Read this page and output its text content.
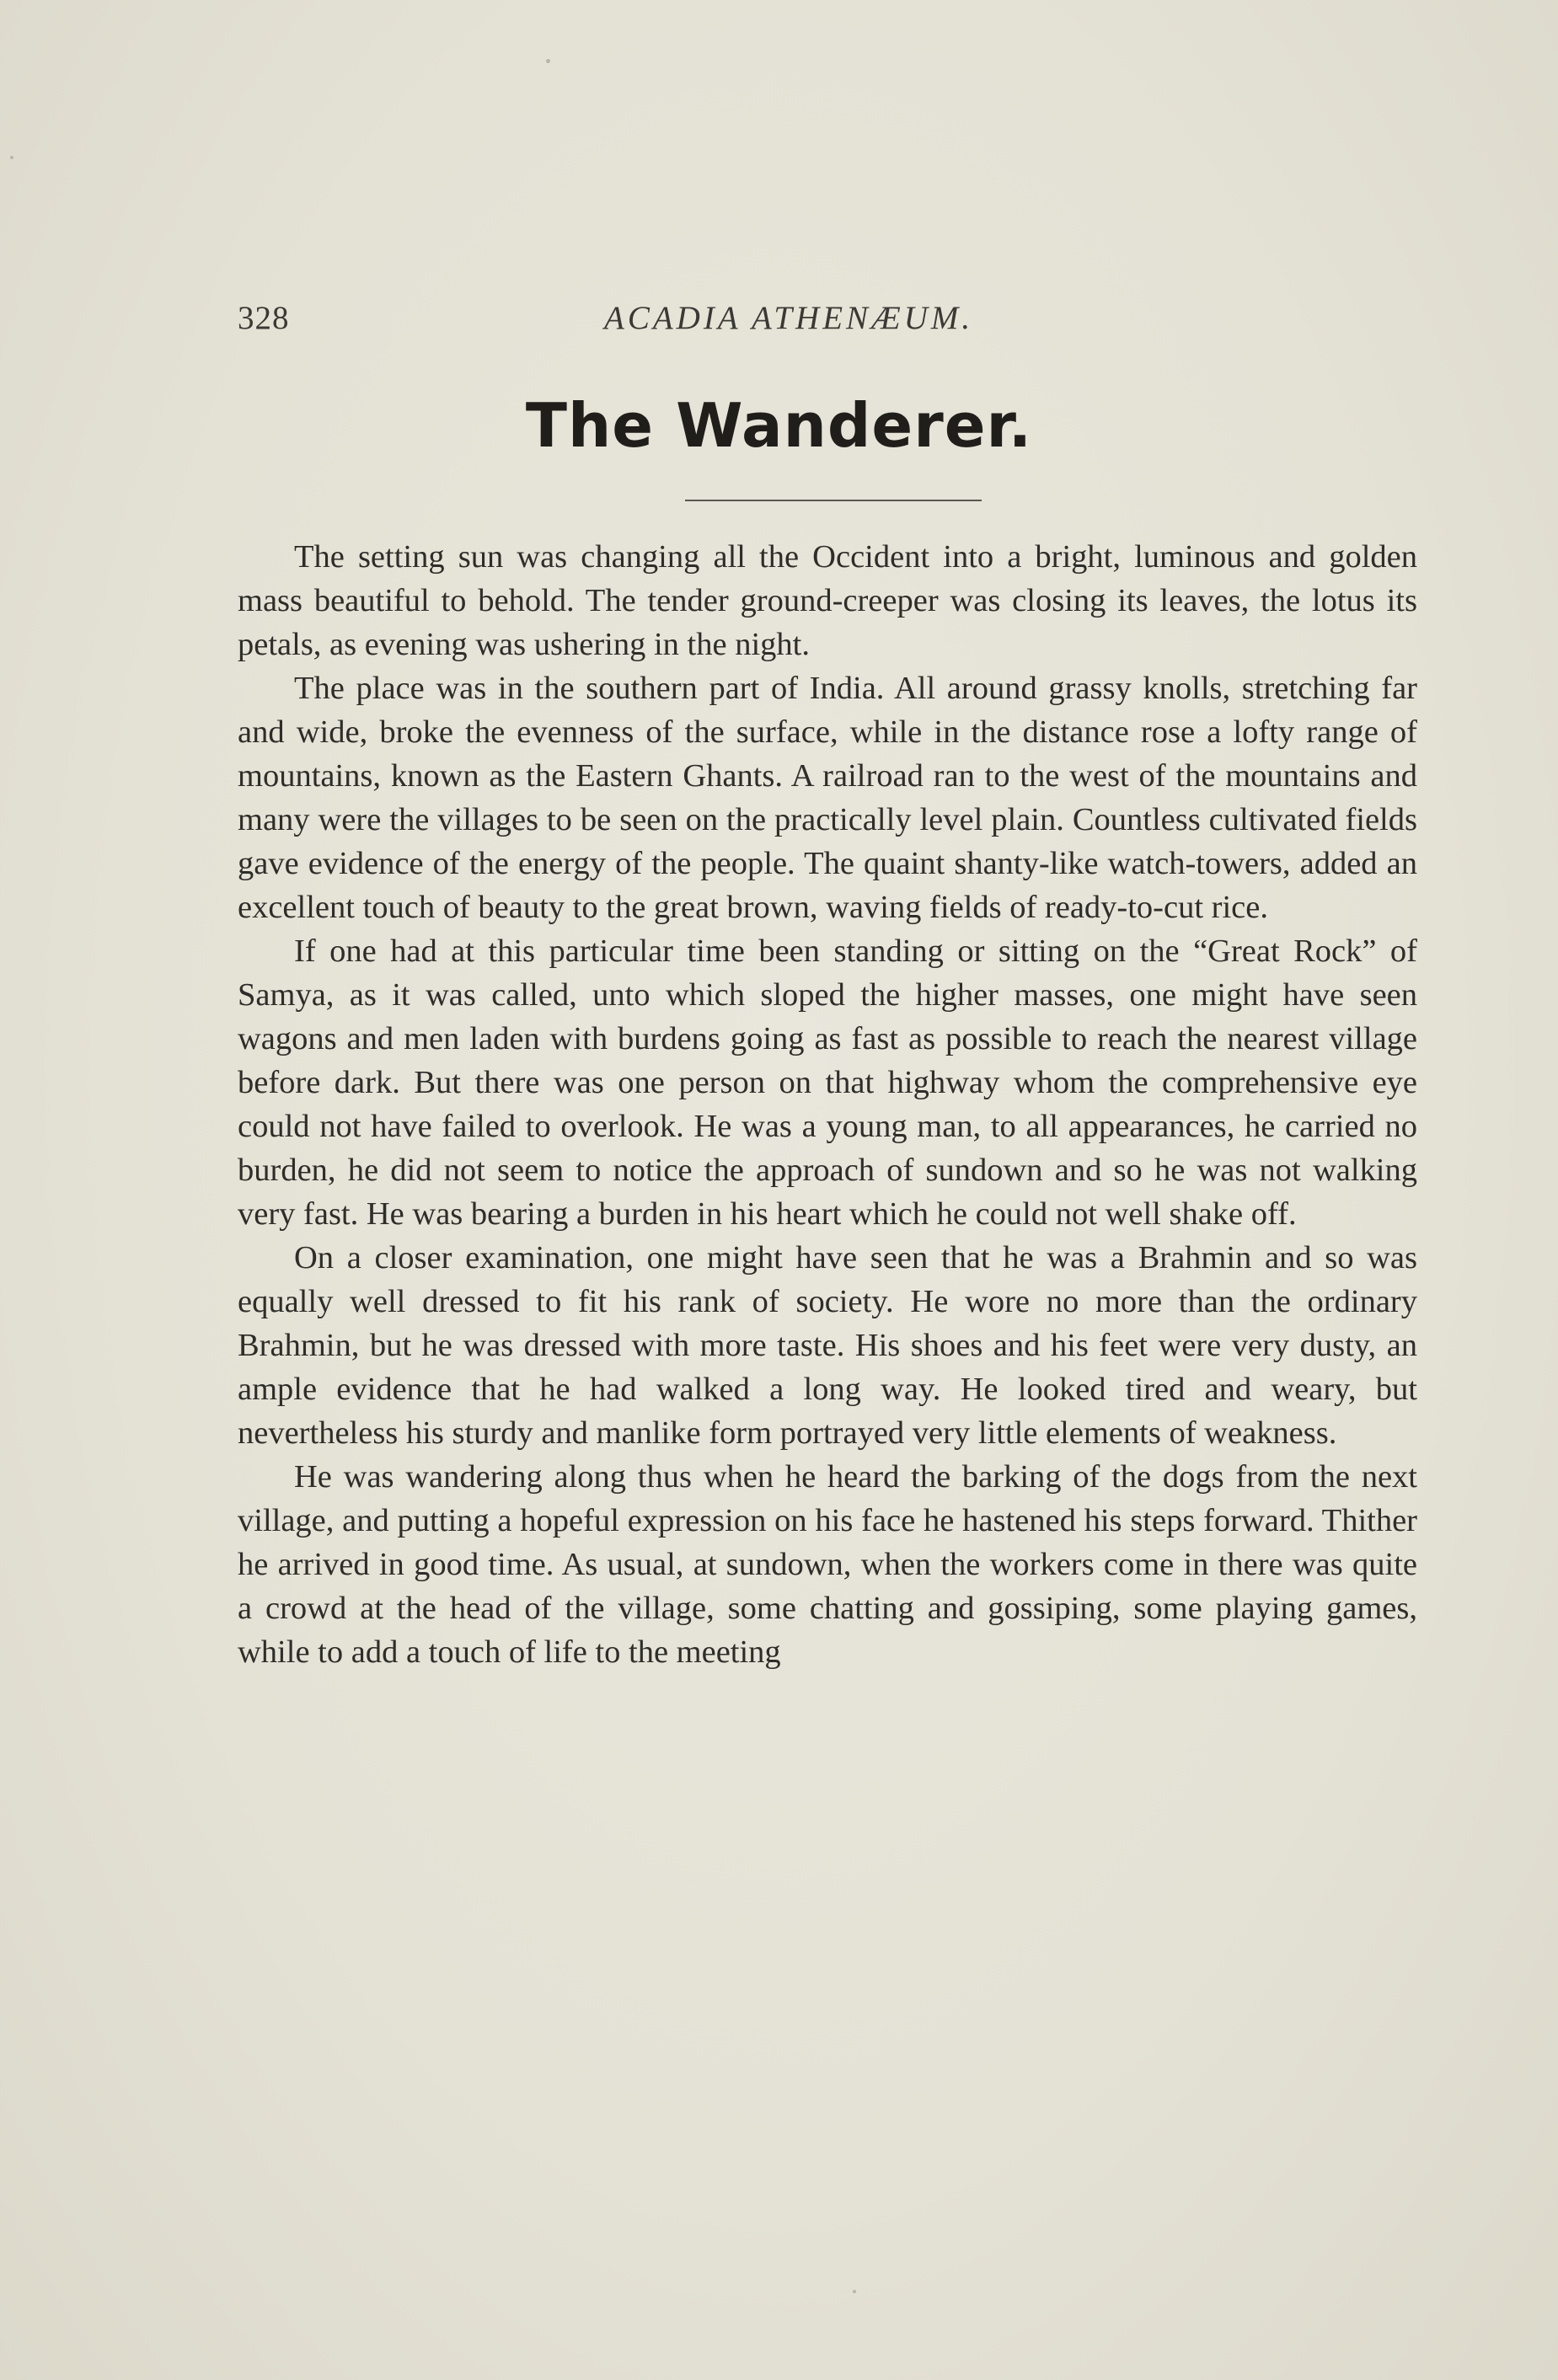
328	ACADIA ATHENÆUM.
The Wanderer.

The setting sun was changing all the Occident into a bright, luminous and golden mass beautiful to behold. The tender ground-creeper was closing its leaves, the lotus its petals, as evening was ushering in the night.

The place was in the southern part of India. All around grassy knolls, stretching far and wide, broke the evenness of the surface, while in the distance rose a lofty range of mountains, known as the Eastern Ghants. A railroad ran to the west of the mountains and many were the villages to be seen on the practically level plain. Countless cultivated fields gave evidence of the energy of the people. The quaint shanty-like watch-towers, added an excellent touch of beauty to the great brown, waving fields of ready-to-cut rice.

If one had at this particular time been standing or sitting on the “Great Rock” of Samya, as it was called, unto which sloped the higher masses, one might have seen wagons and men laden with burdens going as fast as possible to reach the nearest village before dark. But there was one person on that highway whom the comprehensive eye could not have failed to overlook. He was a young man, to all appearances, he carried no burden, he did not seem to notice the approach of sundown and so he was not walking very fast. He was bearing a burden in his heart which he could not well shake off.

On a closer examination, one might have seen that he was a Brahmin and so was equally well dressed to fit his rank of society. He wore no more than the ordinary Brahmin, but he was dressed with more taste. His shoes and his feet were very dusty, an ample evidence that he had walked a long way. He looked tired and weary, but nevertheless his sturdy and manlike form portrayed very little elements of weakness.

He was wandering along thus when he heard the barking of the dogs from the next village, and putting a hopeful expression on his face he hastened his steps forward. Thither he arrived in good time. As usual, at sundown, when the workers come in there was quite a crowd at the head of the village, some chatting and gossiping, some playing games, while to add a touch of life to the meeting
